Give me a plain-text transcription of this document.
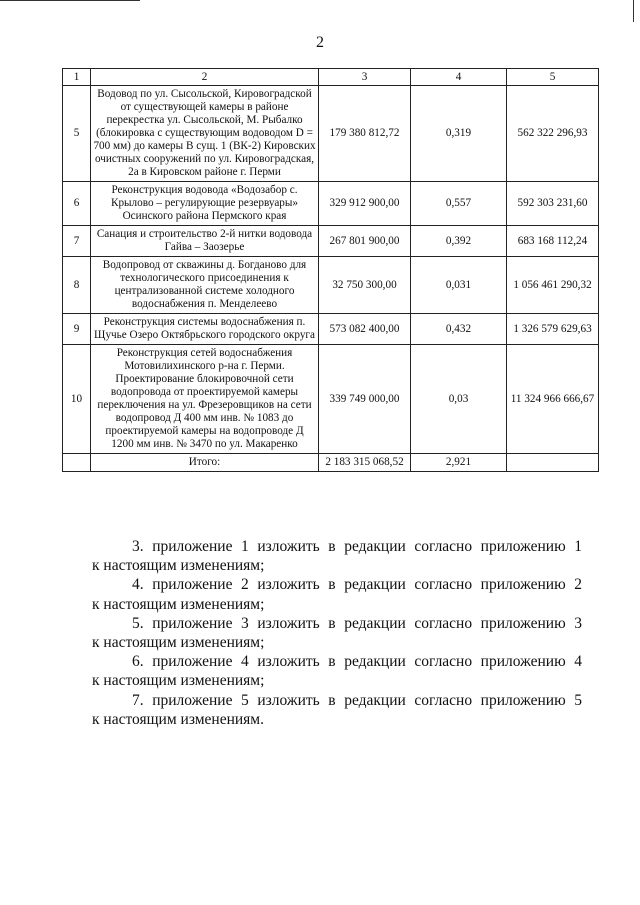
2
1	2	3	4	5
5	Водовод по ул. Сысольской, Кировоградской от существующей камеры в районе перекрестка ул. Сысольской, М. Рыбалко (блокировка с существующим водоводом D = 700 мм) до камеры В сущ. 1 (ВК-2) Кировских очистных сооружений по ул. Кировоградская, 2а в Кировском районе г. Перми	179 380 812,72	0,319	562 322 296,93
6	Реконструкция водовода «Водозабор с. Крылово – регулирующие резервуары» Осинского района Пермского края	329 912 900,00	0,557	592 303 231,60
7	Санация и строительство 2-й нитки водовода Гайва – Заозерье	267 801 900,00	0,392	683 168 112,24
8	Водопровод от скважины д. Богданово для технологического присоединения к централизованной системе холодного водоснабжения п. Менделеево	32 750 300,00	0,031	1 056 461 290,32
9	Реконструкция системы водоснабжения п. Щучье Озеро Октябрьского городского округа	573 082 400,00	0,432	1 326 579 629,63
10	Реконструкция сетей водоснабжения Мотовилихинского р-на г. Перми. Проектирование блокировочной сети водопровода от проектируемой камеры переключения на ул. Фрезеровщиков на сети водопровод Д 400 мм инв. № 1083 до проектируемой камеры на водопроводе Д 1200 мм инв. № 3470 по ул. Макаренко	339 749 000,00	0,03	11 324 966 666,67
	Итого:	2 183 315 068,52	2,921	

3. приложение 1 изложить в редакции согласно приложению 1
к настоящим изменениям;

4. приложение 2 изложить в редакции согласно приложению 2
к настоящим изменениям;

5. приложение 3 изложить в редакции согласно приложению 3
к настоящим изменениям;

6. приложение 4 изложить в редакции согласно приложению 4
к настоящим изменениям;

7. приложение 5 изложить в редакции согласно приложению 5
к настоящим изменениям.
